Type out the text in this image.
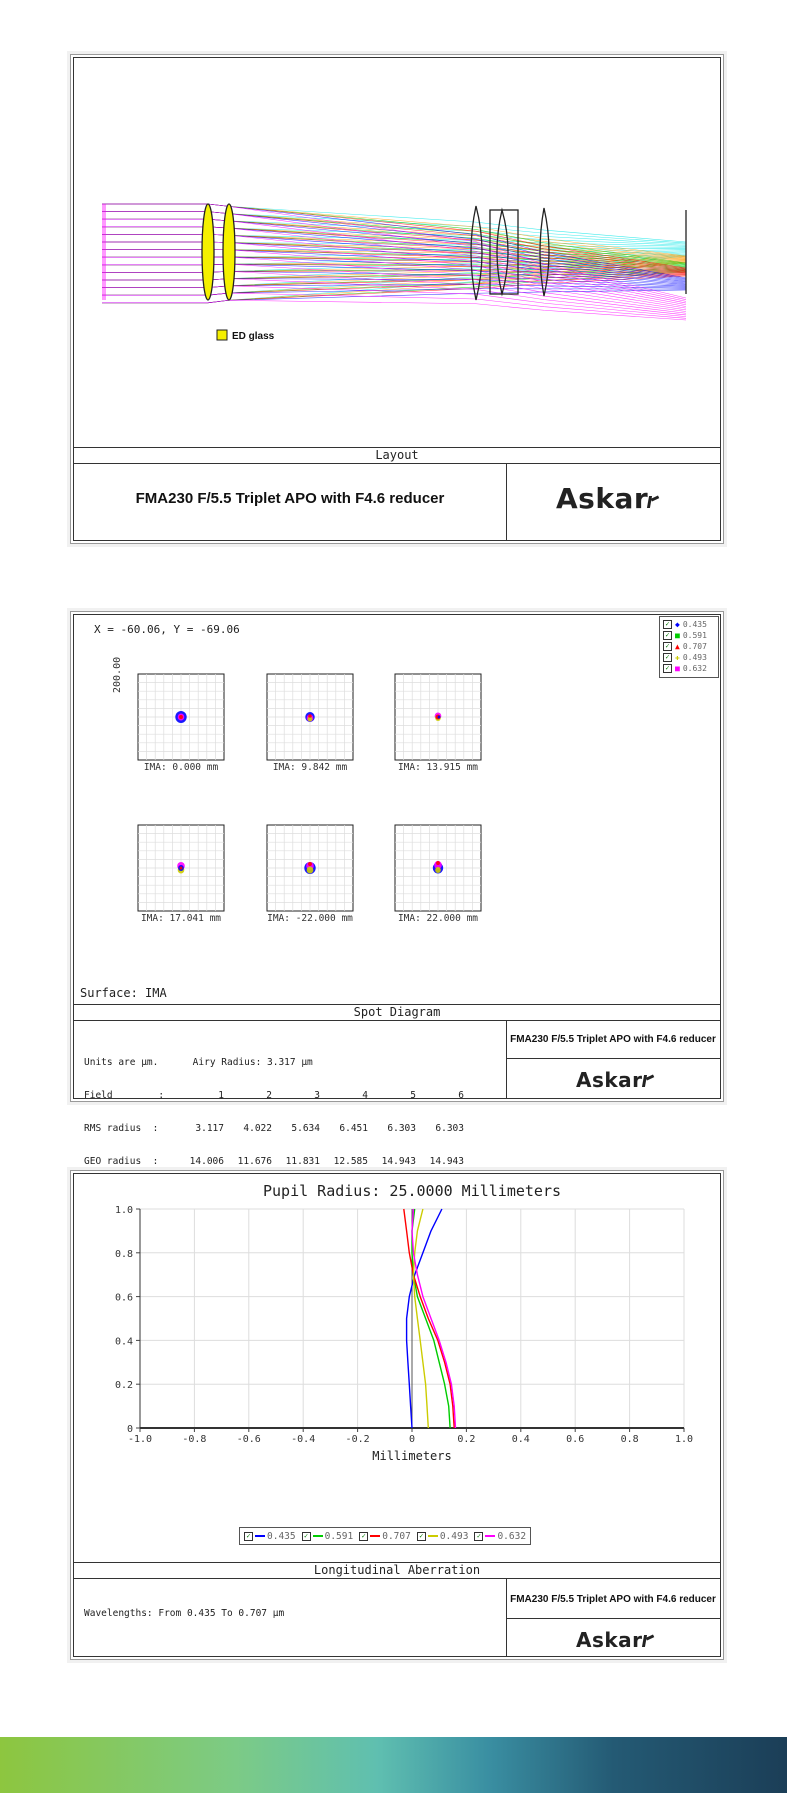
ED glass
Layout
FMA230 F/5.5 Triplet APO with F4.6 reducer	Askar
X = -60.06, Y = -69.06	✓ ◆ 0.435
✓ ■ 0.591
✓ ▲ 0.707
✓ ✚ 0.493
✓ ■ 0.632
IMA: 0.000 mm	IMA: 9.842 mm	IMA: 13.915 mm
IMA: 17.041 mm	IMA: -22.000 mm	IMA: 22.000 mm
200.00
Surface: IMA
Spot Diagram

Units are µm.      Airy Radius: 3.317 µm

Field        :	1	2	3	4	5	6

RMS radius  :	3.117	4.022	5.634	6.451	6.303	6.303

GEO radius  :	14.006	11.676	11.831	12.585	14.943	14.943

FMA230 F/5.5 Triplet APO with F4.6 reducer
Askar
Pupil Radius: 25.0000 Millimeters
-1.0	-0.8	-0.6	-0.4	-0.2	0	0.2	0.4	0.6	0.8	1.0
0
0.2
0.4
0.6
0.8
1.0
Millimeters
✓ 0.435	✓ 0.591	✓ 0.707	✓ 0.493	✓ 0.632
Longitudinal Aberration
Wavelengths: From 0.435 To 0.707 µm
FMA230 F/5.5 Triplet APO with F4.6 reducer
Askar
